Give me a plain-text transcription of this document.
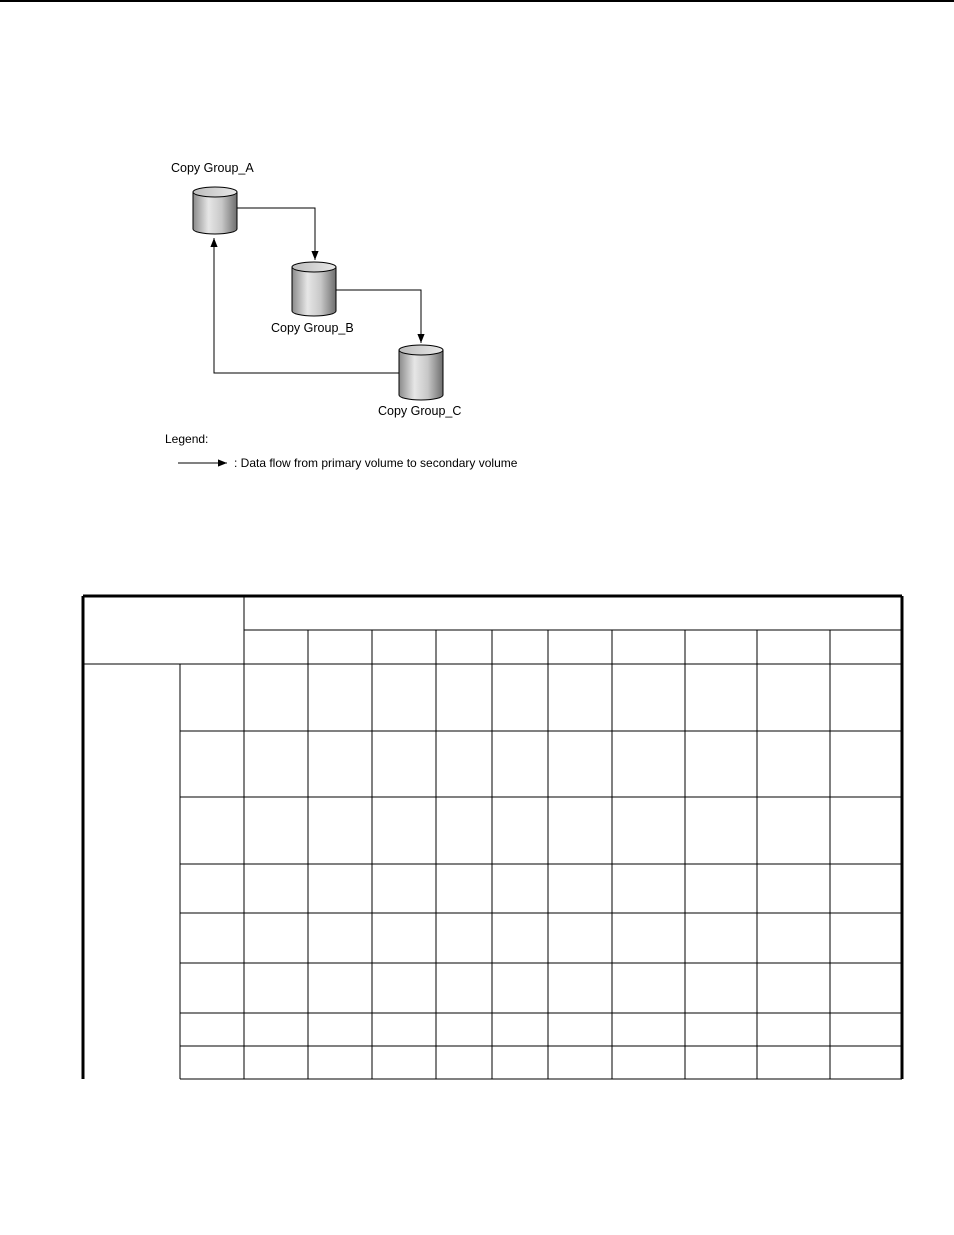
Copy Group_A
Copy Group_B
Copy Group_C
Legend:
: Data flow from primary volume to secondary volume
